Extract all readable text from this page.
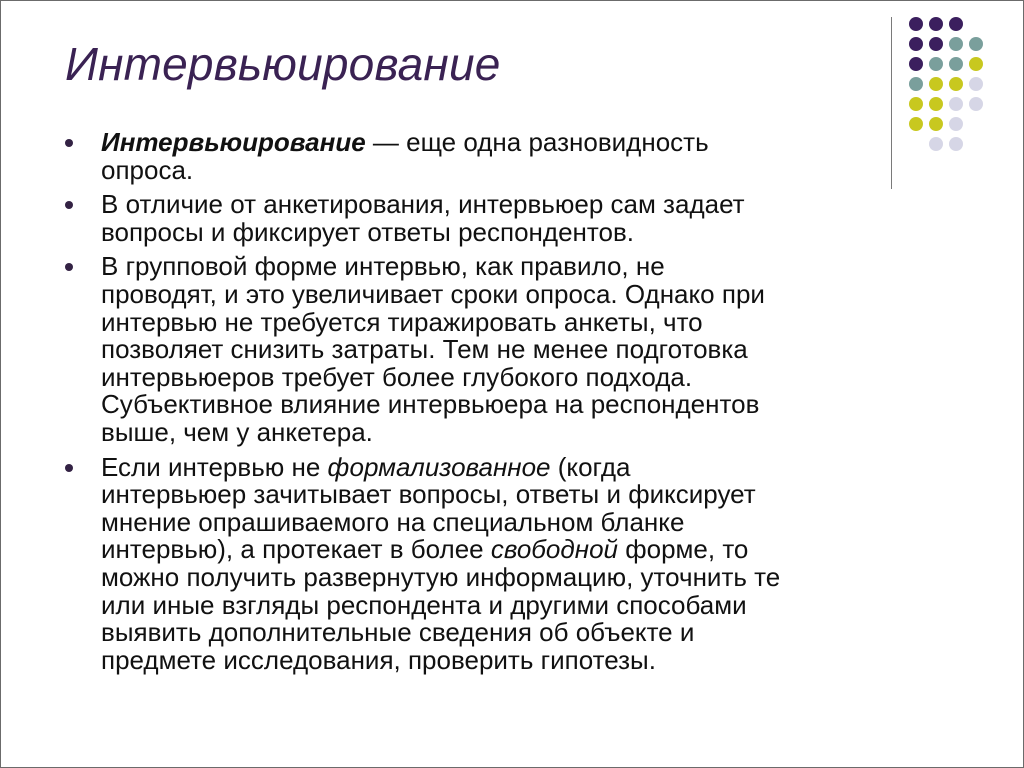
Интервьюирование
Интервьюирование — еще одна разновидность
опроса.
В отличие от анкетирования, интервьюер сам задает
вопросы и фиксирует ответы респондентов.
В групповой форме интервью, как правило, не
проводят, и это увеличивает сроки опроса. Однако при
интервью не требуется тиражировать анкеты, что
позволяет снизить затраты. Тем не менее подготовка
интервьюеров требует более глубокого подхода.
Субъективное влияние интервьюера на респондентов
выше, чем у анкетера.
Если интервью не формализованное (когда
интервьюер зачитывает вопросы, ответы и фиксирует
мнение опрашиваемого на специальном бланке
интервью), а протекает в более свободной форме, то
можно получить развернутую информацию, уточнить те
или иные взгляды респондента и другими способами
выявить дополнительные сведения об объекте и
предмете исследования, проверить гипотезы.
